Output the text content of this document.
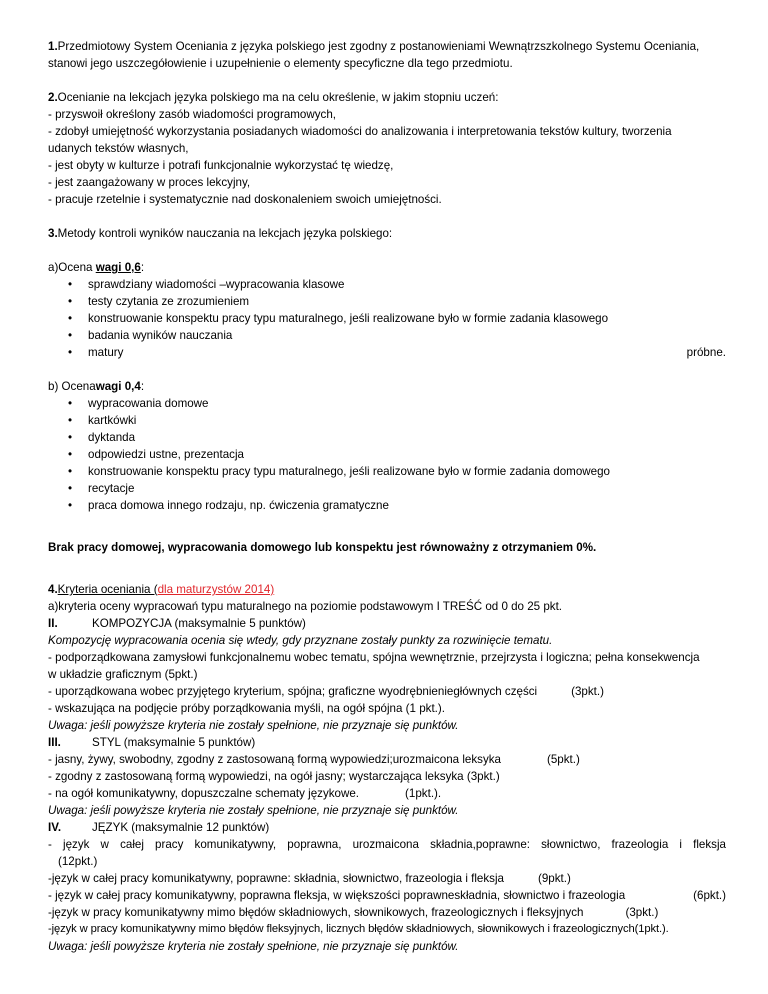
1.Przedmiotowy System Oceniania z języka polskiego jest zgodny z postanowieniami Wewnątrzszkolnego Systemu Oceniania,

stanowi jego uszczegółowienie i uzupełnienie o elementy specyficzne dla tego przedmiotu.

2.Ocenianie na lekcjach języka polskiego ma na celu określenie, w jakim stopniu uczeń:

- przyswoił określony zasób wiadomości programowych,

- zdobył umiejętność wykorzystania posiadanych wiadomości do analizowania i interpretowania tekstów kultury, tworzenia

udanych tekstów własnych,

- jest obyty w kulturze i potrafi funkcjonalnie wykorzystać tę wiedzę,

- jest zaangażowany w proces lekcyjny,

- pracuje rzetelnie i systematycznie nad doskonaleniem swoich umiejętności.

3.Metody kontroli wyników nauczania na lekcjach języka polskiego:

a)Ocena wagi 0,6:

• sprawdziany wiadomości –wypracowania klasowe
• testy czytania ze zrozumieniem
• konstruowanie konspektu pracy typu maturalnego, jeśli realizowane było w formie zadania klasowego
• badania wyników nauczania
• matury	próbne.

b) Ocenawagi 0,4:

• wypracowania domowe
• kartkówki
• dyktanda
• odpowiedzi ustne, prezentacja
• konstruowanie konspektu pracy typu maturalnego, jeśli realizowane było w formie zadania domowego
• recytacje
• praca domowa innego rodzaju, np. ćwiczenia gramatyczne

Brak pracy domowej, wypracowania domowego lub konspektu jest równoważny z otrzymaniem 0%.

4.Kryteria oceniania (dla maturzystów 2014)

a)kryteria oceny wypracowań typu maturalnego na poziomie podstawowym I TREŚĆ od 0 do 25 pkt.

II.	KOMPOZYCJA (maksymalnie 5 punktów)

Kompozycję wypracowania ocenia się wtedy, gdy przyznane zostały punkty za rozwinięcie tematu.

- podporządkowana zamysłowi funkcjonalnemu wobec tematu, spójna wewnętrznie, przejrzysta i logiczna; pełna konsekwencja

w układzie graficznym (5pkt.)

- uporządkowana wobec przyjętego kryterium, spójna; graficzne wyodrębnieniegłównych części	(3pkt.)

- wskazująca na podjęcie próby porządkowania myśli, na ogół spójna (1 pkt.).

Uwaga: jeśli powyższe kryteria nie zostały spełnione, nie przyznaje się punktów.

III.	STYL (maksymalnie 5 punktów)

- jasny, żywy, swobodny, zgodny z zastosowaną formą wypowiedzi;urozmaicona leksyka	(5pkt.)

- zgodny z zastosowaną formą wypowiedzi, na ogół jasny; wystarczająca leksyka (3pkt.)

- na ogół komunikatywny, dopuszczalne schematy językowe.	(1pkt.).

Uwaga: jeśli powyższe kryteria nie zostały spełnione, nie przyznaje się punktów.

IV.	JĘZYK (maksymalnie 12 punktów)

- język w całej pracy komunikatywny, poprawna, urozmaicona składnia,poprawne: słownictwo, frazeologia i fleksja

(12pkt.)

-język w całej pracy komunikatywny, poprawne: składnia, słownictwo, frazeologia i fleksja	(9pkt.)

- język w całej pracy komunikatywny, poprawna fleksja, w większości poprawneskładnia, słownictwo i frazeologia	(6pkt.)

-język w pracy komunikatywny mimo błędów składniowych, słownikowych, frazeologicznych i fleksyjnych	(3pkt.)

-język w pracy komunikatywny mimo błędów fleksyjnych, licznych błędów składniowych, słownikowych i frazeologicznych(1pkt.).

Uwaga: jeśli powyższe kryteria nie zostały spełnione, nie przyznaje się punktów.
